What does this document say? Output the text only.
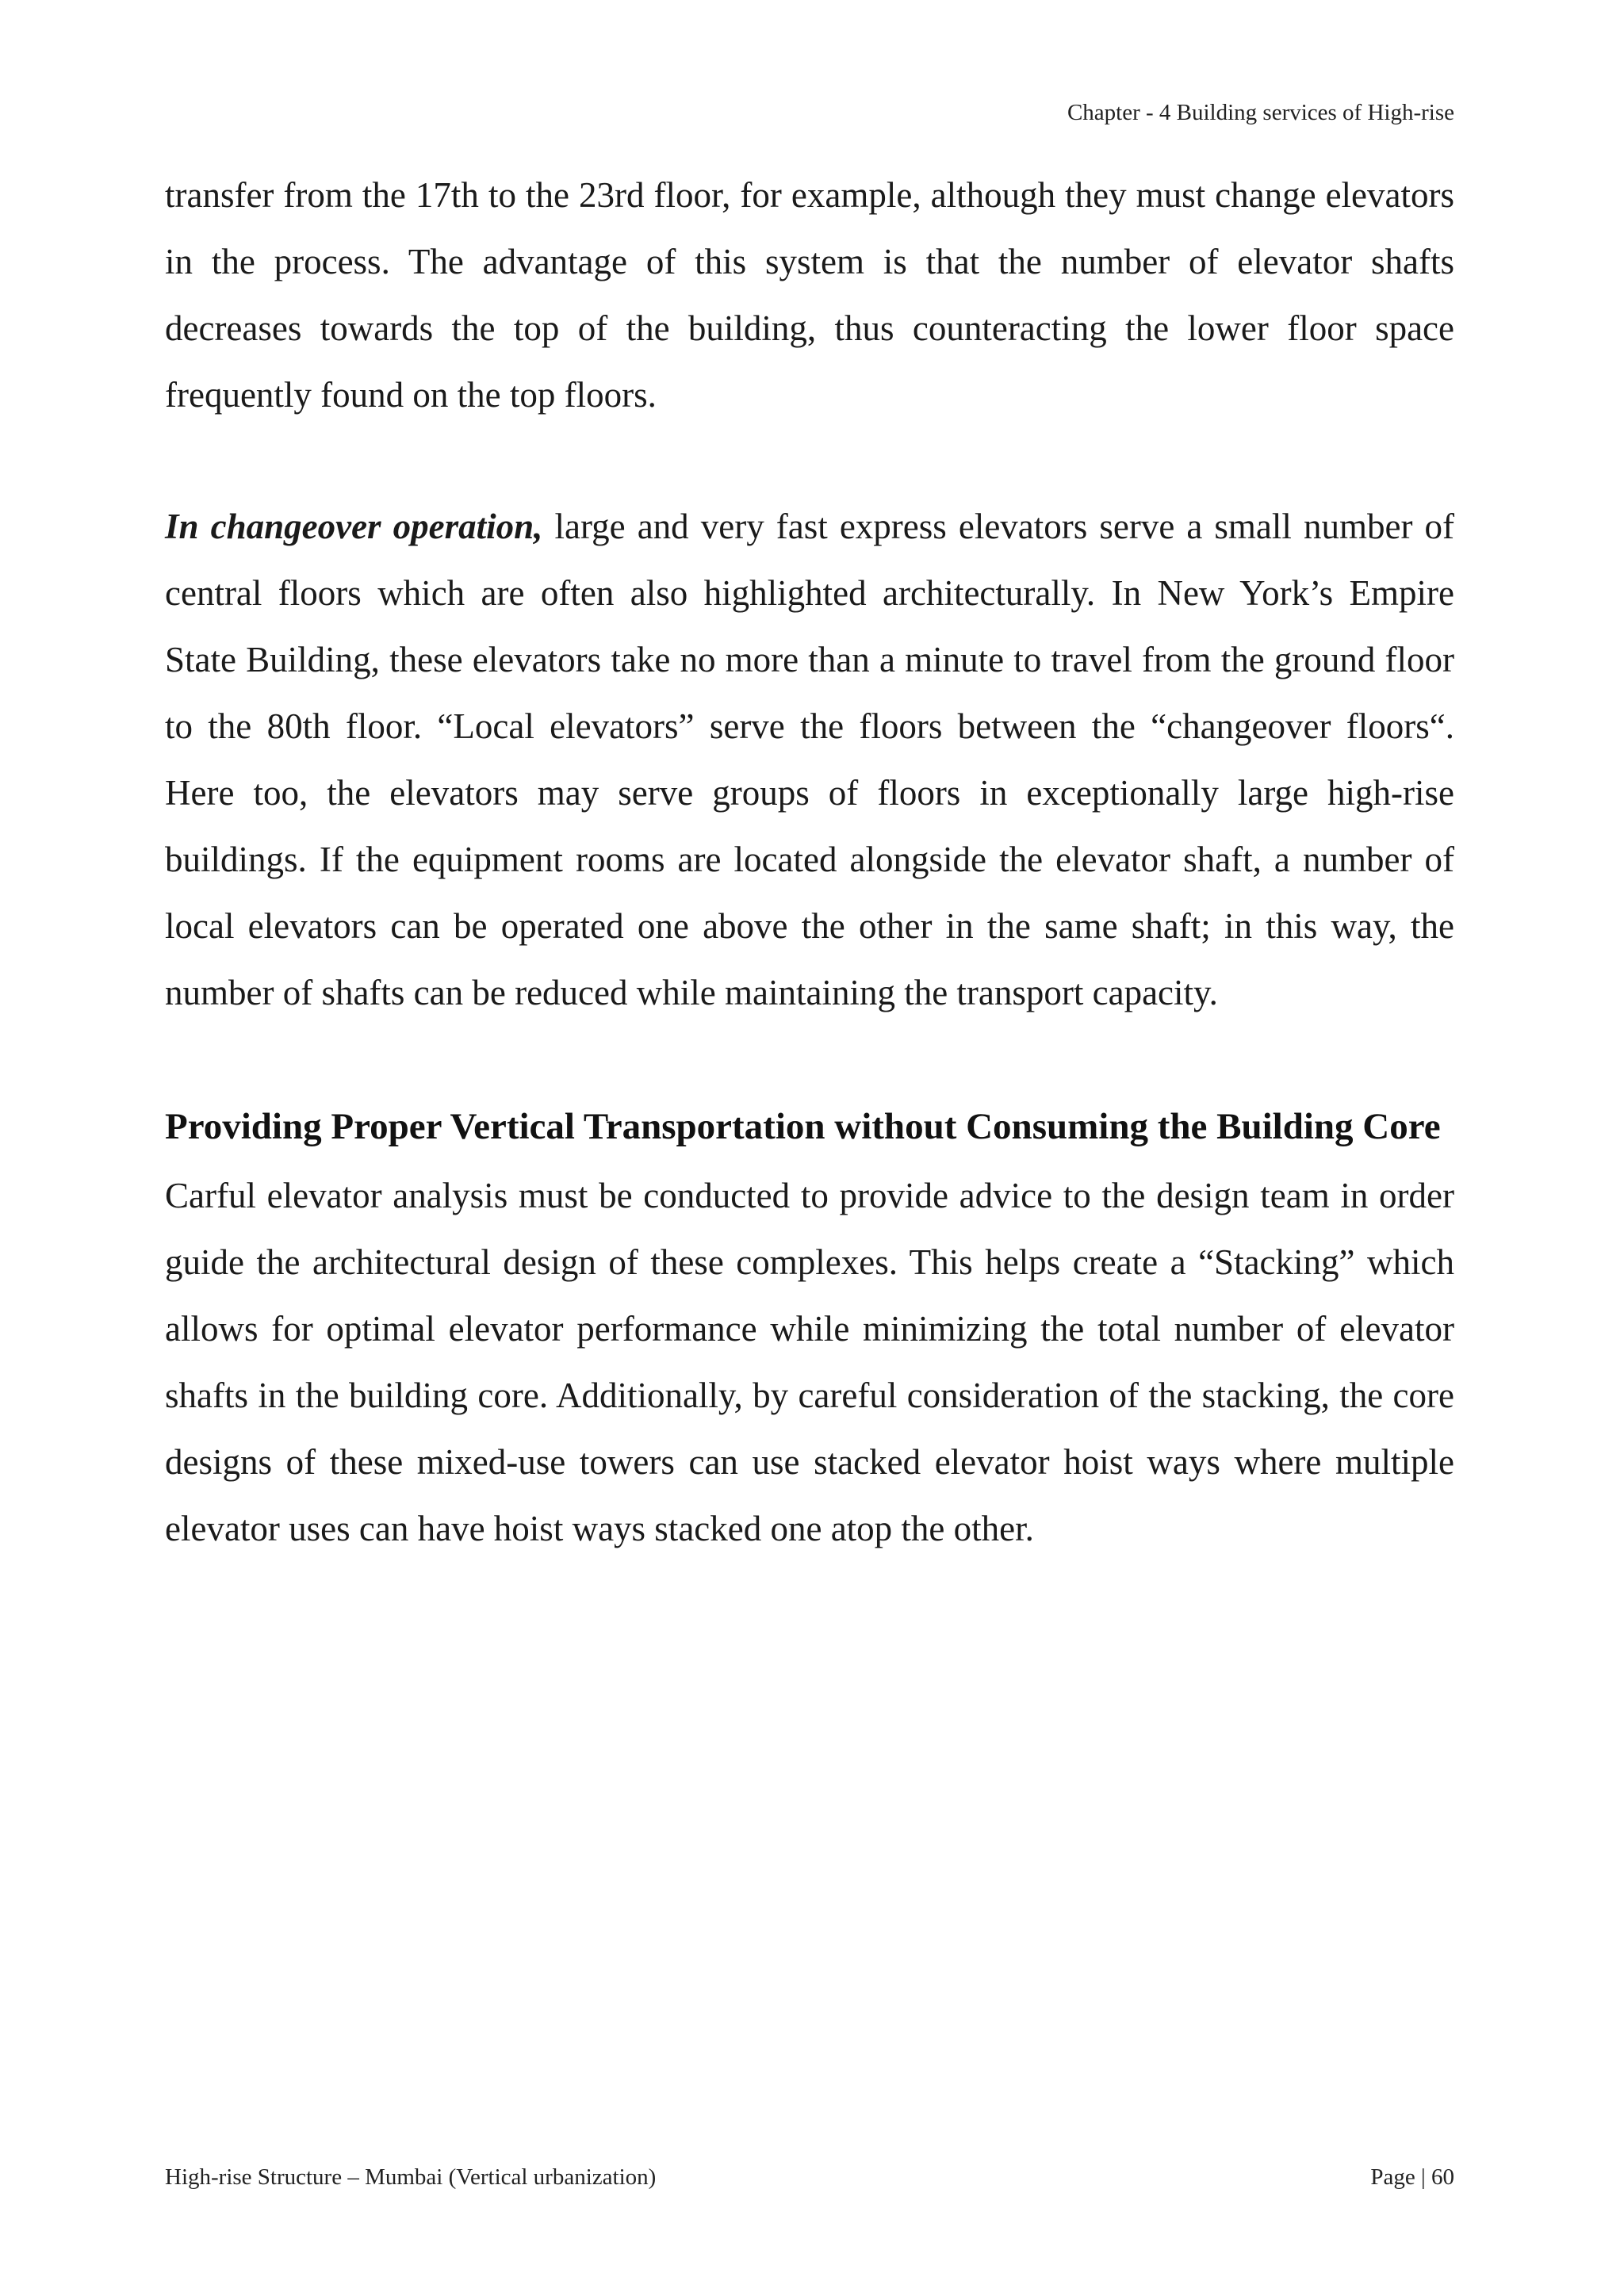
Chapter - 4 Building services of High-rise

transfer from the 17th to the 23rd floor, for example, although they must change elevators in the process. The advantage of this system is that the number of elevator shafts decreases towards the top of the building, thus counteracting the lower floor space frequently found on the top floors.

In changeover operation, large and very fast express elevators serve a small number of central floors which are often also highlighted architecturally. In New York’s Empire State Building, these elevators take no more than a minute to travel from the ground floor to the 80th floor. “Local elevators” serve the floors between the “changeover floors“. Here too, the elevators may serve groups of floors in exceptionally large high-rise buildings. If the equipment rooms are located alongside the elevator shaft, a number of local elevators can be operated one above the other in the same shaft; in this way, the number of shafts can be reduced while maintaining the transport capacity.

Providing Proper Vertical Transportation without Consuming the Building Core

Carful elevator analysis must be conducted to provide advice to the design team in order guide the architectural design of these complexes. This helps create a “Stacking” which allows for optimal elevator performance while minimizing the total number of elevator shafts in the building core. Additionally, by careful consideration of the stacking, the core designs of these mixed-use towers can use stacked elevator hoist ways where multiple elevator uses can have hoist ways stacked one atop the other.

High-rise Structure – Mumbai (Vertical urbanization)	Page | 60
